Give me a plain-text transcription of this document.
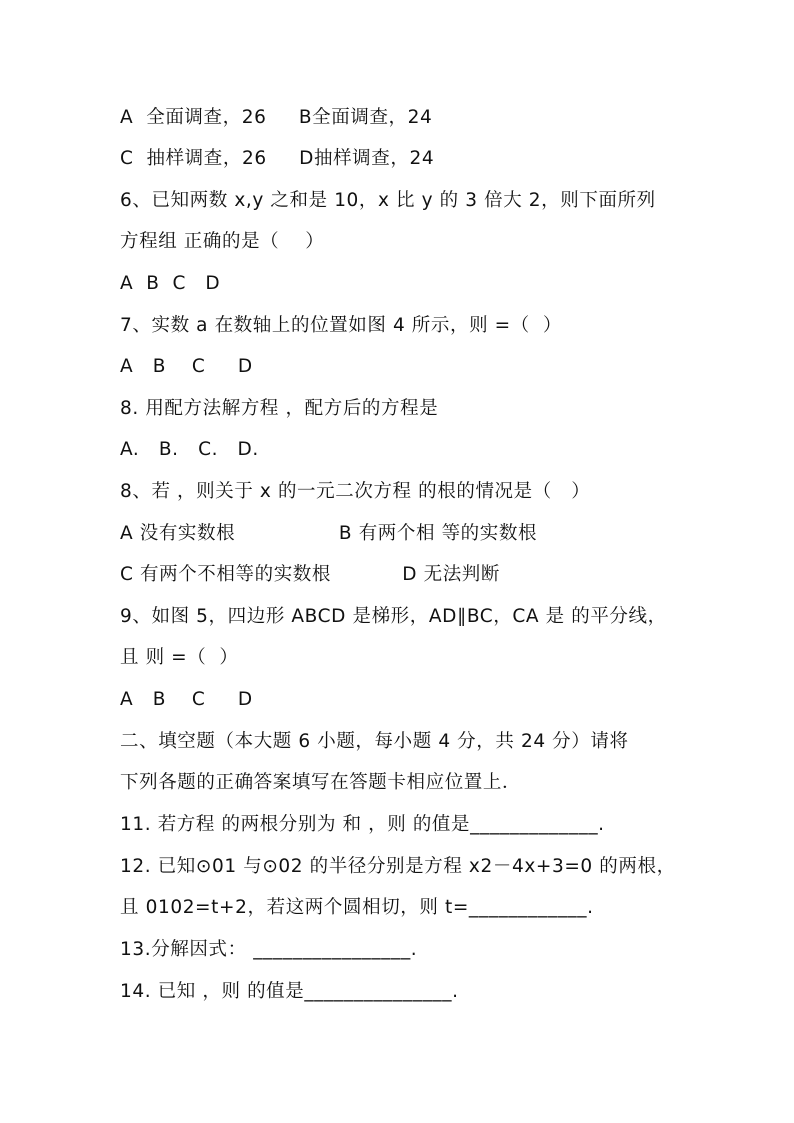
A  全面调查，26     B全面调查，24
C  抽样调查，26     D抽样调查，24
6、已知两数 x,y 之和是 10，x 比 y 的 3 倍大 2，则下面所列
方程组 正确的是（    ）
A  B  C   D
7、实数 a 在数轴上的位置如图 4 所示，则 =（  ）
A   B    C     D
8. 用配方法解方程 ，配方后的方程是
A.   B.   C.   D.
8、若 ，则关于 x 的一元二次方程 的根的情况是（   ）
A 没有实数根                B 有两个相 等的实数根
C 有两个不相等的实数根           D 无法判断
9、如图 5，四边形 ABCD 是梯形，AD∥BC，CA 是 的平分线，
且 则 =（  ）
A   B    C     D
二、填空题（本大题 6 小题，每小题 4 分，共 24 分）请将
下列各题的正确答案填写在答题卡相应位置上．
11. 若方程 的两根分别为 和 ，则 的值是_____________.
12. 已知⊙01 与⊙02 的半径分别是方程 x2－4x+3=0 的两根，
且 0102=t+2，若这两个圆相切，则 t=____________.
13.分解因式： ________________.
14. 已知 ，则 的值是_______________.
